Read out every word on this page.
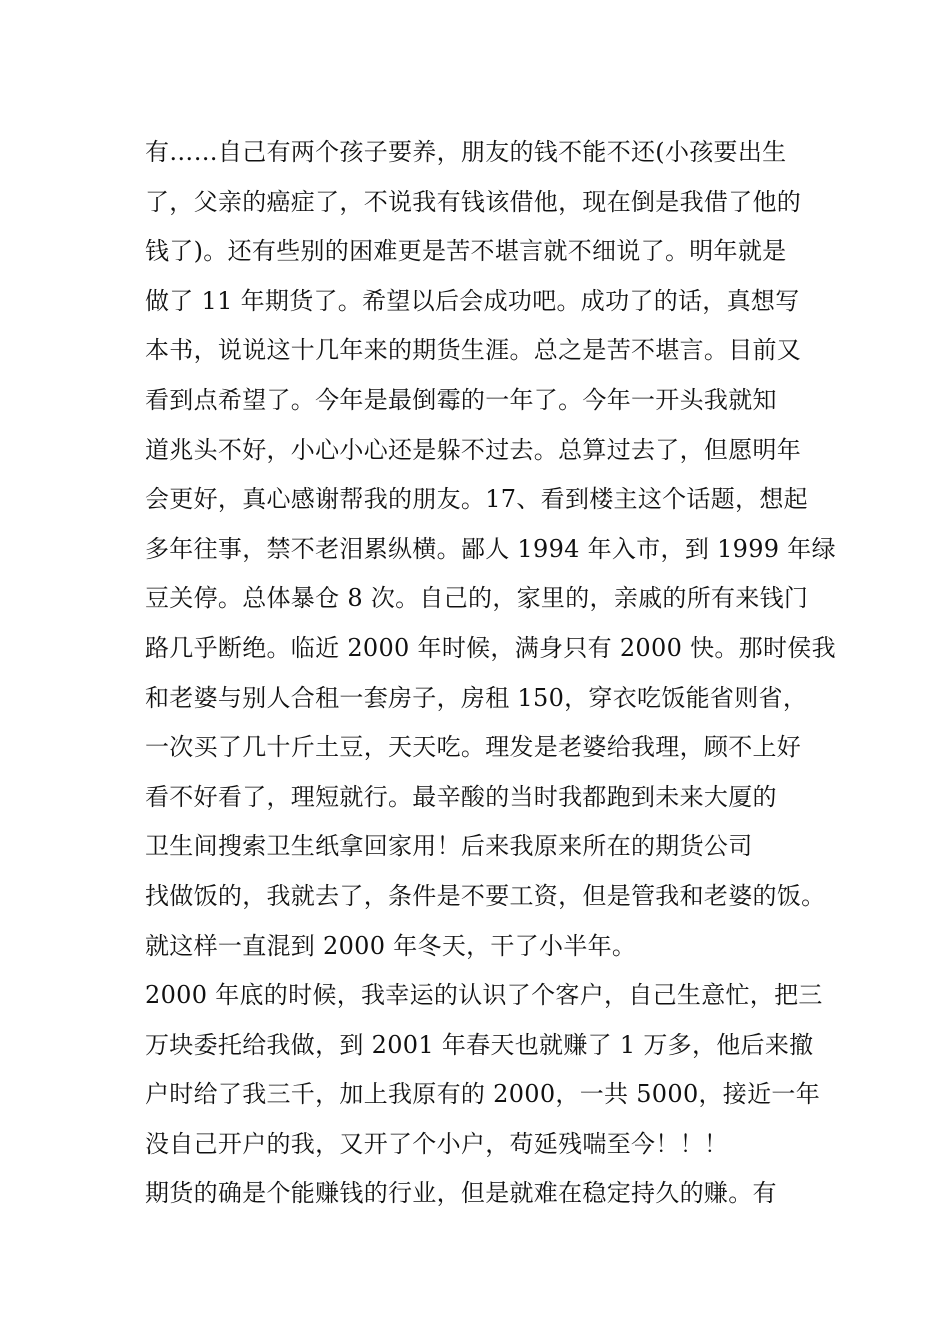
有……自己有两个孩子要养，朋友的钱不能不还(小孩要出生
了，父亲的癌症了，不说我有钱该借他，现在倒是我借了他的
钱了)。还有些别的困难更是苦不堪言就不细说了。明年就是
做了 11 年期货了。希望以后会成功吧。成功了的话，真想写
本书，说说这十几年来的期货生涯。总之是苦不堪言。目前又
看到点希望了。今年是最倒霉的一年了。今年一开头我就知
道兆头不好，小心小心还是躲不过去。总算过去了，但愿明年
会更好，真心感谢帮我的朋友。17、看到楼主这个话题，想起
多年往事，禁不老泪累纵横。鄙人 1994 年入市，到 1999 年绿
豆关停。总体暴仓 8 次。自己的，家里的，亲戚的所有来钱门
路几乎断绝。临近 2000 年时候，满身只有 2000 快。那时侯我
和老婆与别人合租一套房子，房租 150，穿衣吃饭能省则省，
一次买了几十斤土豆，天天吃。理发是老婆给我理，顾不上好
看不好看了，理短就行。最辛酸的当时我都跑到未来大厦的
卫生间搜索卫生纸拿回家用！后来我原来所在的期货公司
找做饭的，我就去了，条件是不要工资，但是管我和老婆的饭。
就这样一直混到 2000 年冬天，干了小半年。
2000 年底的时候，我幸运的认识了个客户，自己生意忙，把三
万块委托给我做，到 2001 年春天也就赚了 1 万多，他后来撤
户时给了我三千，加上我原有的 2000，一共 5000，接近一年
没自己开户的我，又开了个小户，苟延残喘至今！！！
期货的确是个能赚钱的行业，但是就难在稳定持久的赚。有
